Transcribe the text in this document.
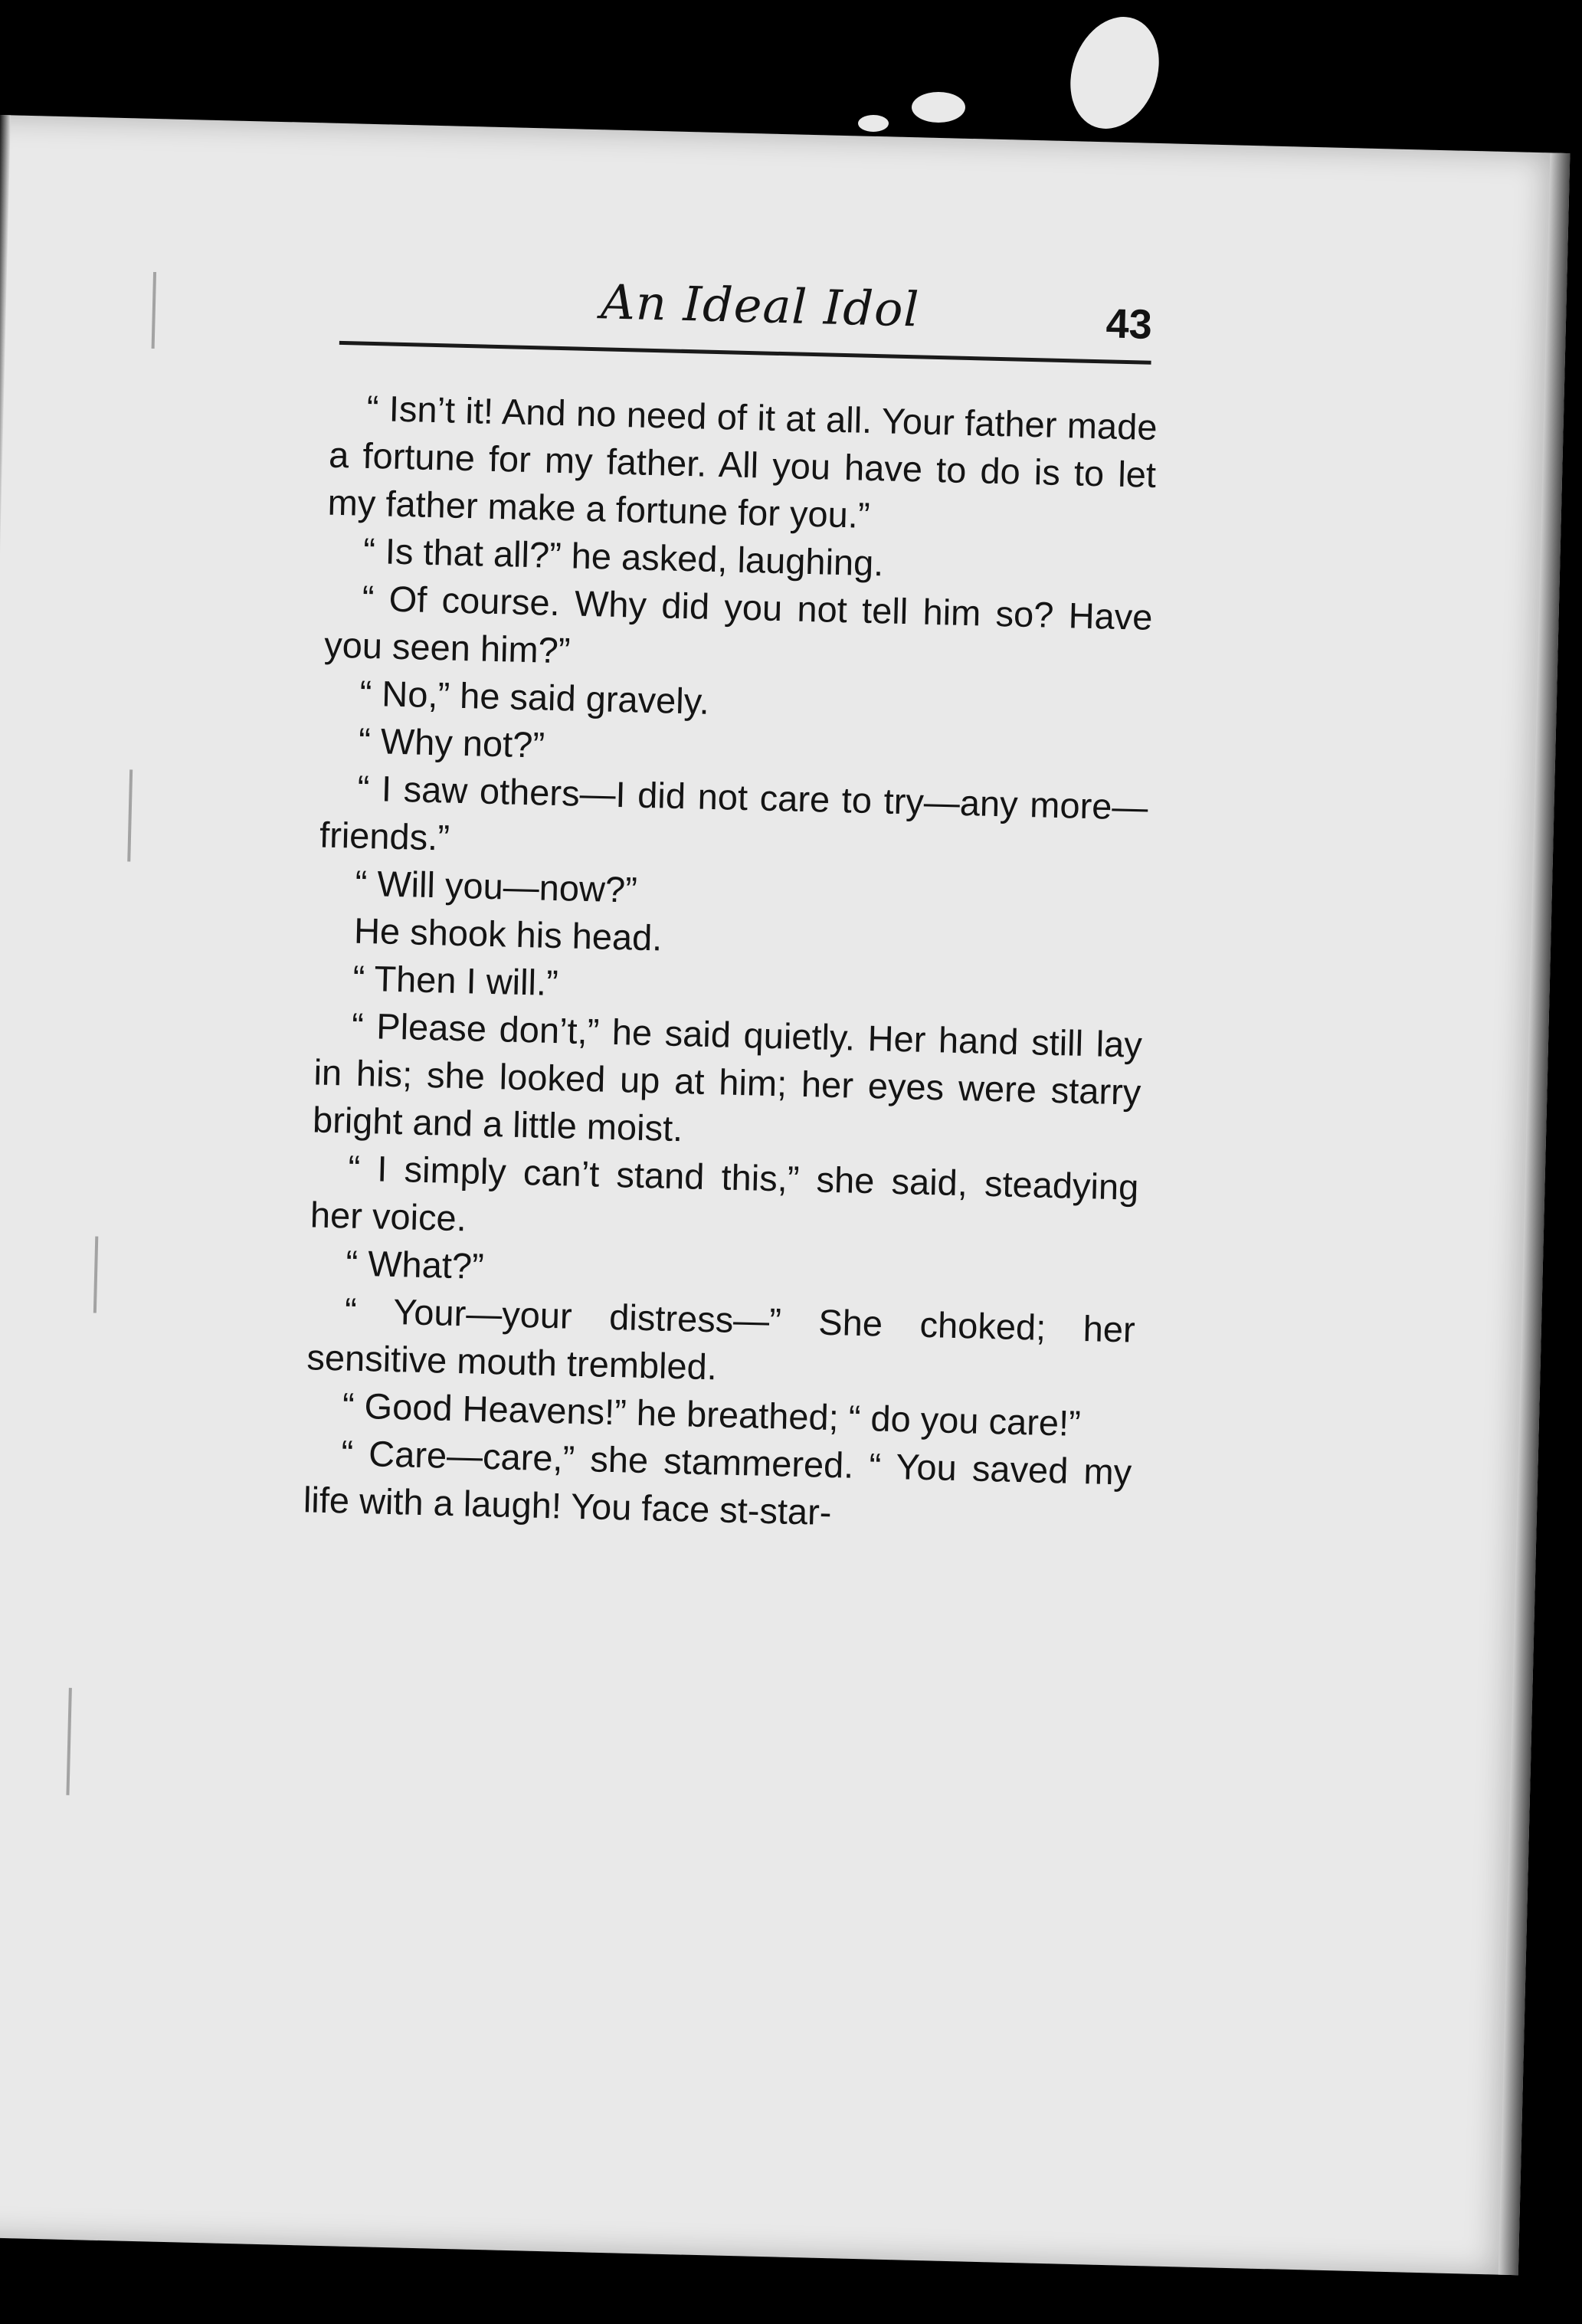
An Ideal Idol	43

“ Isn’t it! And no need of it at all. Your father made a fortune for my father. All you have to do is to let my father make a fortune for you.”

“ Is that all?” he asked, laughing.

“ Of course. Why did you not tell him so? Have you seen him?”

“ No,” he said gravely.

“ Why not?”

“ I saw others—I did not care to try—any more—friends.”

“ Will you—now?”

He shook his head.

“ Then I will.”

“ Please don’t,” he said quietly. Her hand still lay in his; she looked up at him; her eyes were starry bright and a little moist.

“ I simply can’t stand this,” she said, steadying her voice.

“ What?”

“ Your—your distress—” She choked; her sensitive mouth trembled.

“ Good Heavens!” he breathed; “ do you care!”

“ Care—care,” she stammered. “ You saved my life with a laugh! You face st-star-
